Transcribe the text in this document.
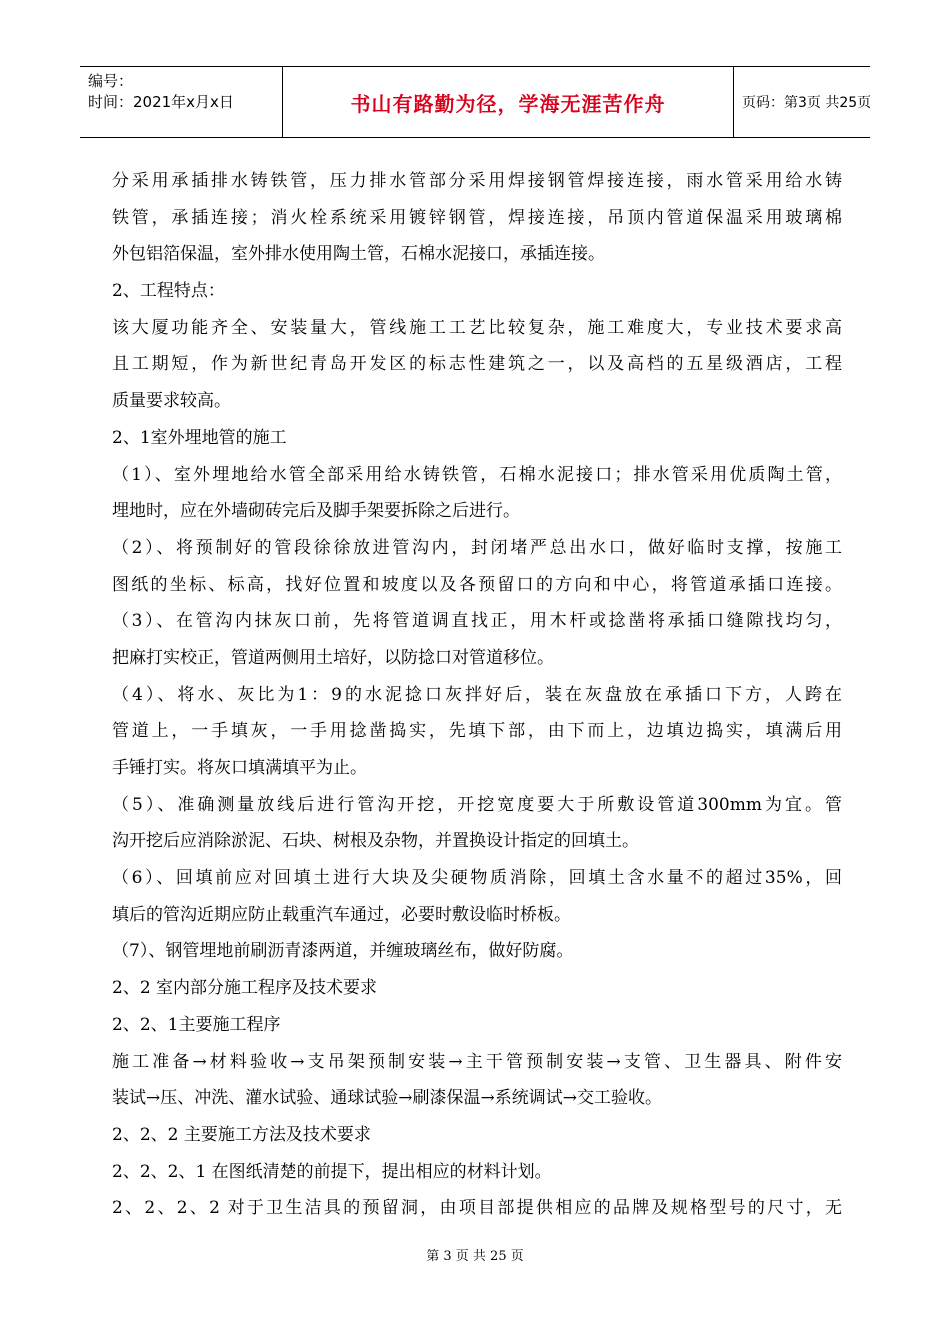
编号：
时间：2021年x月x日	书山有路勤为径，学海无涯苦作舟	页码：第3页 共25页
分采用承插排水铸铁管，压力排水管部分采用焊接钢管焊接连接，雨水管采用给水铸
铁管，承插连接；消火栓系统采用镀锌钢管，焊接连接，吊顶内管道保温采用玻璃棉
外包铝箔保温，室外排水使用陶土管，石棉水泥接口，承插连接。
2、工程特点：
该大厦功能齐全、安装量大，管线施工工艺比较复杂，施工难度大，专业技术要求高
且工期短，作为新世纪青岛开发区的标志性建筑之一，以及高档的五星级酒店，工程
质量要求较高。
2、1室外埋地管的施工
（1）、室外埋地给水管全部采用给水铸铁管，石棉水泥接口；排水管采用优质陶土管，
埋地时，应在外墙砌砖完后及脚手架要拆除之后进行。
（2）、将预制好的管段徐徐放进管沟内，封闭堵严总出水口，做好临时支撑，按施工
图纸的坐标、标高，找好位置和坡度以及各预留口的方向和中心，将管道承插口连接。
（3）、在管沟内抹灰口前，先将管道调直找正，用木杆或捻凿将承插口缝隙找均匀，
把麻打实校正，管道两侧用土培好，以防捻口对管道移位。
（4）、将水、灰比为1：9的水泥捻口灰拌好后，装在灰盘放在承插口下方，人跨在
管道上，一手填灰，一手用捻凿捣实，先填下部，由下而上，边填边捣实，填满后用
手锤打实。将灰口填满填平为止。
（5）、准确测量放线后进行管沟开挖，开挖宽度要大于所敷设管道300mm为宜。管
沟开挖后应消除淤泥、石块、树根及杂物，并置换设计指定的回填土。
（6）、回填前应对回填土进行大块及尖硬物质消除，回填土含水量不的超过35%，回
填后的管沟近期应防止载重汽车通过，必要时敷设临时桥板。
（7）、钢管埋地前刷沥青漆两道，并缠玻璃丝布，做好防腐。
2、2 室内部分施工程序及技术要求
2、2、1主要施工程序
施工准备→材料验收→支吊架预制安装→主干管预制安装→支管、卫生器具、附件安
装试→压、冲洗、灌水试验、通球试验→刷漆保温→系统调试→交工验收。
2、2、2 主要施工方法及技术要求
2、2、2、1 在图纸清楚的前提下，提出相应的材料计划。
2、2、2、2 对于卫生洁具的预留洞，由项目部提供相应的品牌及规格型号的尺寸，无
第 3 页 共 25 页
